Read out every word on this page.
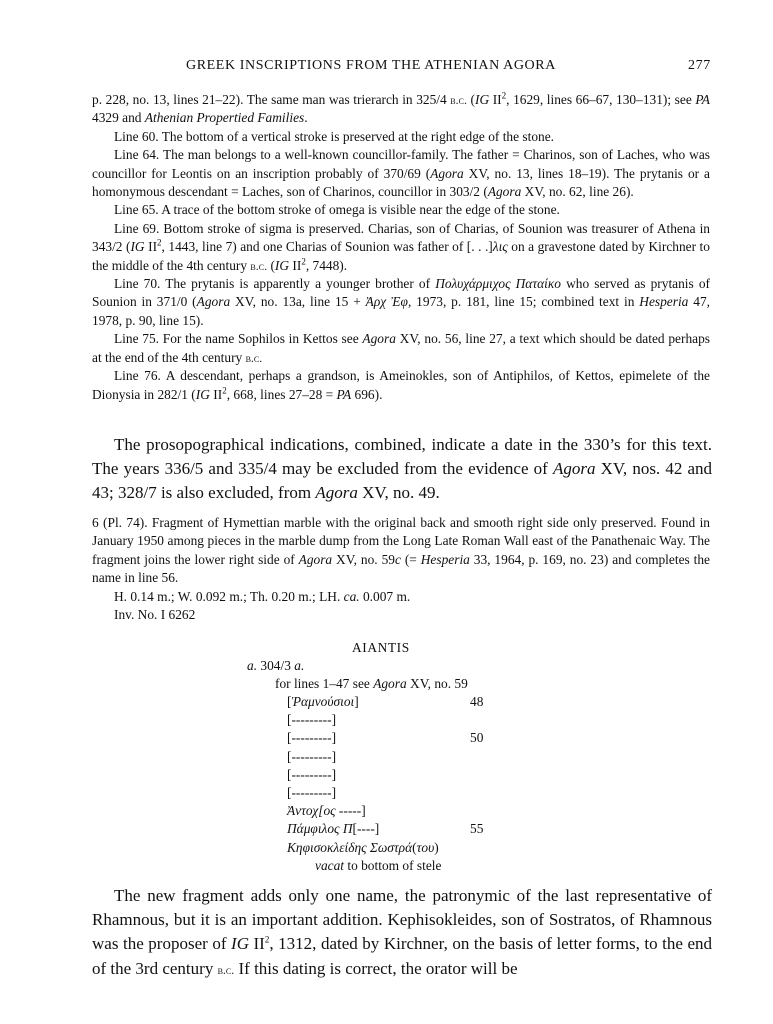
GREEK INSCRIPTIONS FROM THE ATHENIAN AGORA	277

p. 228, no. 13, lines 21–22). The same man was trierarch in 325/4 b.c. (IG $II^2$, 1629, lines 66–67, 130–131); see PA 4329 and Athenian Propertied Families.

Line 60. The bottom of a vertical stroke is preserved at the right edge of the stone.

Line 64. The man belongs to a well-known councillor-family. The father = Charinos, son of Laches, who was councillor for Leontis on an inscription probably of 370/69 (Agora XV, no. 13, lines 18–19). The prytanis or a homonymous descendant = Laches, son of Charinos, councillor in 303/2 (Agora XV, no. 62, line 26).

Line 65. A trace of the bottom stroke of omega is visible near the edge of the stone.

Line 69. Bottom stroke of sigma is preserved. Charias, son of Charias, of Sounion was treasurer of Athena in 343/2 (IG $II^2$, 1443, line 7) and one Charias of Sounion was father of [. . .]λις on a gravestone dated by Kirchner to the middle of the 4th century b.c. (IG $II^2$, 7448).

Line 70. The prytanis is apparently a younger brother of Πολυχάρμιχος Παταίκο who served as prytanis of Sounion in 371/0 (Agora XV, no. 13a, line 15 + Ἀρχ Ἐφ, 1973, p. 181, line 15; combined text in Hesperia 47, 1978, p. 90, line 15).

Line 75. For the name Sophilos in Kettos see Agora XV, no. 56, line 27, a text which should be dated perhaps at the end of the 4th century b.c.

Line 76. A descendant, perhaps a grandson, is Ameinokles, son of Antiphilos, of Kettos, epimelete of the Dionysia in 282/1 (IG $II^2$, 668, lines 27–28 = PA 696).

The prosopographical indications, combined, indicate a date in the 330’s for this text. The years 336/5 and 335/4 may be excluded from the evidence of Agora XV, nos. 42 and 43; 328/7 is also excluded, from Agora XV, no. 49.

6 (Pl. 74). Fragment of Hymettian marble with the original back and smooth right side only preserved. Found in January 1950 among pieces in the marble dump from the Long Late Roman Wall east of the Panathenaic Way. The fragment joins the lower right side of Agora XV, no. 59c (= Hesperia 33, 1964, p. 169, no. 23) and completes the name in line 56.

H. 0.14 m.; W. 0.092 m.; Th. 0.20 m.; LH. ca. 0.007 m.

Inv. No. I 6262

AIANTIS
a. 304/3 a.
for lines 1–47 see Agora XV, no. 59
[Ῥαμνούσιοι]	48
[---------]
[---------]	50
[---------]
[---------]
[---------]
Ἀντοχ[ος -----]
Πάμφιλος Π[----]	55
Κηφισοκλείδης Σωστρά(του)
vacat to bottom of stele

The new fragment adds only one name, the patronymic of the last representative of Rhamnous, but it is an important addition. Kephisokleides, son of Sostratos, of Rhamnous was the proposer of IG $II^2$, 1312, dated by Kirchner, on the basis of letter forms, to the end of the 3rd century b.c. If this dating is correct, the orator will be
